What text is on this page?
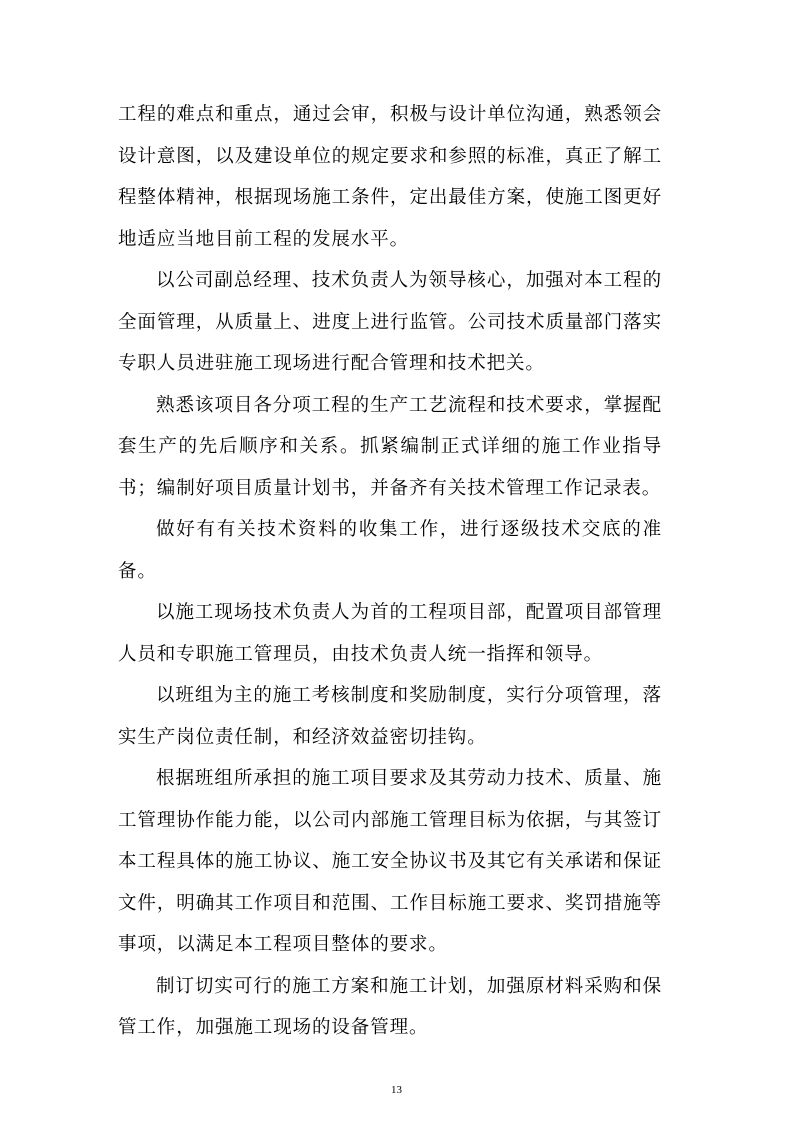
工程的难点和重点，通过会审，积极与设计单位沟通，熟悉领会设计意图，以及建设单位的规定要求和参照的标准，真正了解工程整体精神，根据现场施工条件，定出最佳方案，使施工图更好地适应当地目前工程的发展水平。

以公司副总经理、技术负责人为领导核心，加强对本工程的全面管理，从质量上、进度上进行监管。公司技术质量部门落实专职人员进驻施工现场进行配合管理和技术把关。

熟悉该项目各分项工程的生产工艺流程和技术要求，掌握配套生产的先后顺序和关系。抓紧编制正式详细的施工作业指导书；编制好项目质量计划书，并备齐有关技术管理工作记录表。

做好有有关技术资料的收集工作，进行逐级技术交底的准备。

以施工现场技术负责人为首的工程项目部，配置项目部管理人员和专职施工管理员，由技术负责人统一指挥和领导。

以班组为主的施工考核制度和奖励制度，实行分项管理，落实生产岗位责任制，和经济效益密切挂钩。

根据班组所承担的施工项目要求及其劳动力技术、质量、施工管理协作能力能，以公司内部施工管理目标为依据，与其签订本工程具体的施工协议、施工安全协议书及其它有关承诺和保证文件，明确其工作项目和范围、工作目标施工要求、奖罚措施等事项，以满足本工程项目整体的要求。

制订切实可行的施工方案和施工计划，加强原材料采购和保管工作，加强施工现场的设备管理。

13
